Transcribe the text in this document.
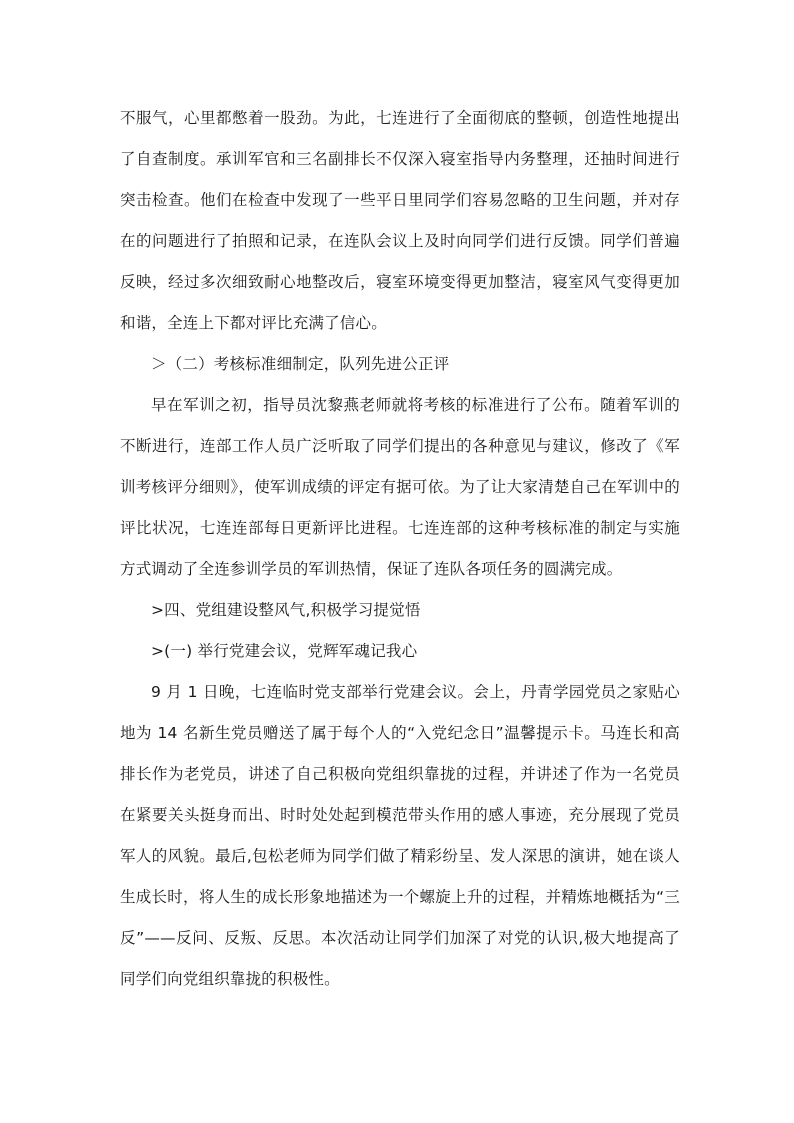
不服气，心里都憋着一股劲。为此，七连进行了全面彻底的整顿，创造性地提出了自查制度。承训军官和三名副排长不仅深入寝室指导内务整理，还抽时间进行突击检查。他们在检查中发现了一些平日里同学们容易忽略的卫生问题，并对存在的问题进行了拍照和记录，在连队会议上及时向同学们进行反馈。同学们普遍反映，经过多次细致耐心地整改后，寝室环境变得更加整洁，寝室风气变得更加和谐，全连上下都对评比充满了信心。

＞（二）考核标准细制定，队列先进公正评

早在军训之初，指导员沈黎燕老师就将考核的标准进行了公布。随着军训的不断进行，连部工作人员广泛听取了同学们提出的各种意见与建议，修改了《军训考核评分细则》，使军训成绩的评定有据可依。为了让大家清楚自己在军训中的评比状况，七连连部每日更新评比进程。七连连部的这种考核标准的制定与实施方式调动了全连参训学员的军训热情，保证了连队各项任务的圆满完成。

>四、党组建设整风气,积极学习提觉悟

>(一) 举行党建会议，党辉军魂记我心

9 月 1 日晚，七连临时党支部举行党建会议。会上，丹青学园党员之家贴心地为 14 名新生党员赠送了属于每个人的“入党纪念日”温馨提示卡。马连长和高排长作为老党员，讲述了自己积极向党组织靠拢的过程，并讲述了作为一名党员在紧要关头挺身而出、时时处处起到模范带头作用的感人事迹，充分展现了党员军人的风貌。最后,包松老师为同学们做了精彩纷呈、发人深思的演讲，她在谈人生成长时，将人生的成长形象地描述为一个螺旋上升的过程，并精炼地概括为“三反”——反问、反叛、反思。本次活动让同学们加深了对党的认识,极大地提高了同学们向党组织靠拢的积极性。
